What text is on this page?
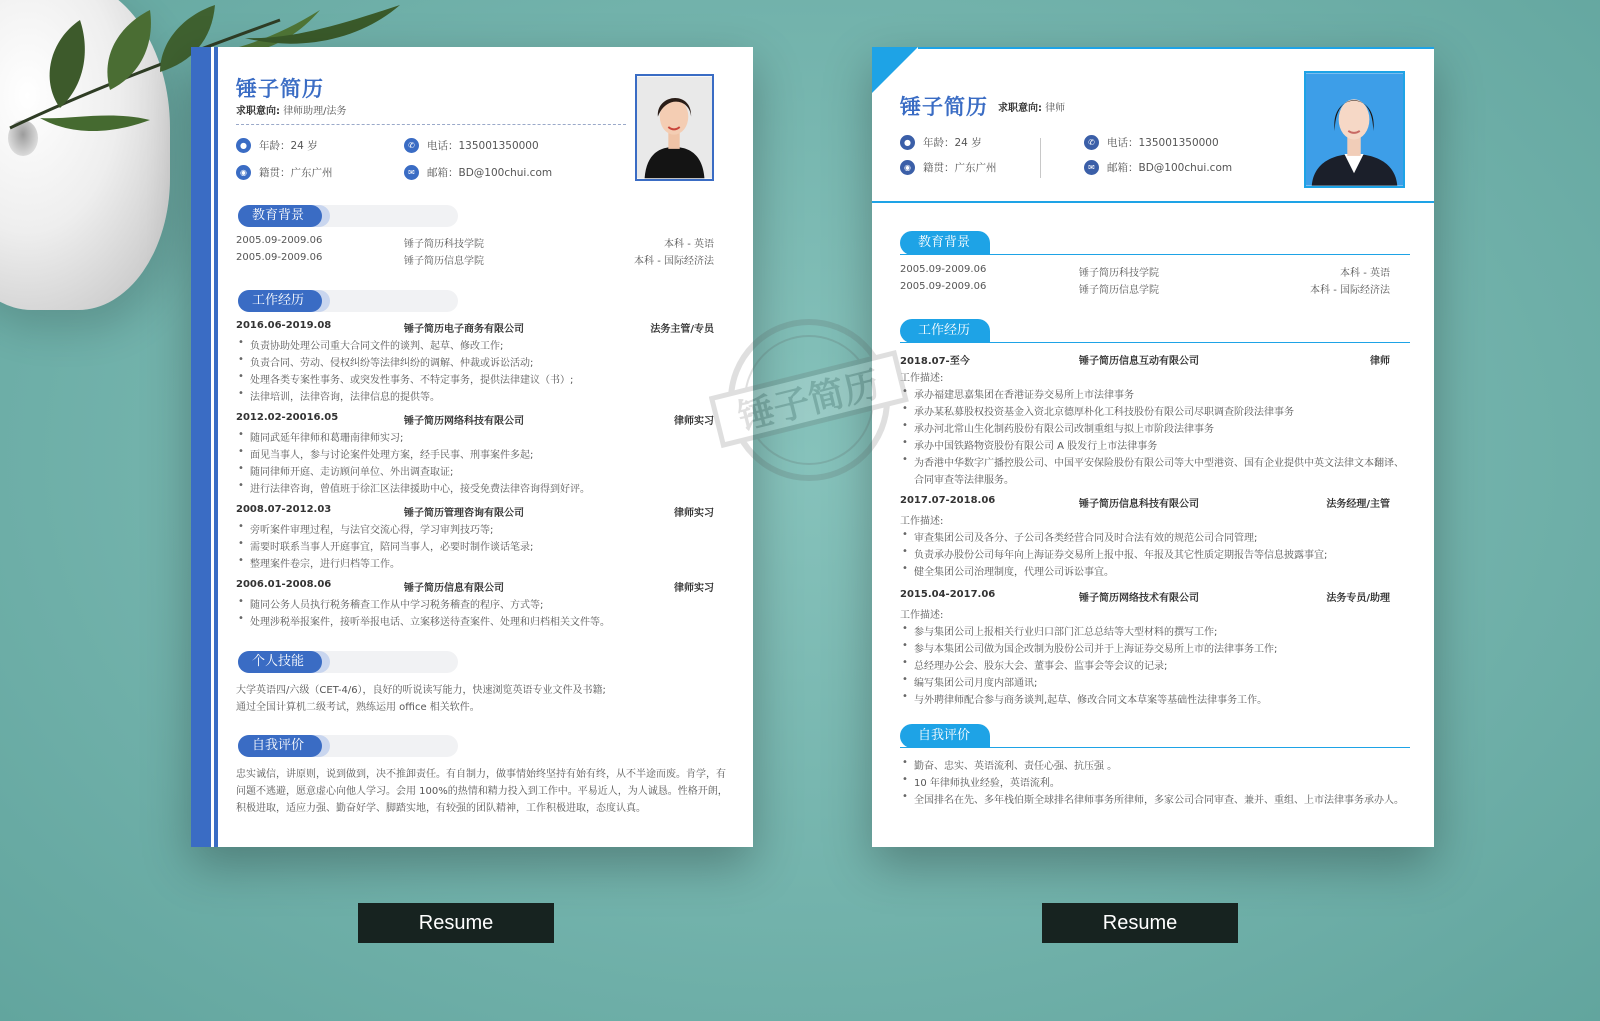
锤子简历
求职意向: 律师助理/法务
●	年龄：24 岁
◉	籍贯：广东广州
✆	电话：135001350000
✉	邮箱：BD@100chui.com
教育背景
2005.09-2009.06	锤子简历科技学院	本科 - 英语
2005.09-2009.06	锤子简历信息学院	本科 - 国际经济法
工作经历
2016.06-2019.08	锤子简历电子商务有限公司	法务主管/专员
• 负责协助处理公司重大合同文件的谈判、起草、修改工作;
• 负责合同、劳动、侵权纠纷等法律纠纷的调解、仲裁或诉讼活动;
• 处理各类专案性事务、或突发性事务、不特定事务，提供法律建议（书）;
• 法律培训，法律咨询，法律信息的提供等。
2012.02-20016.05	锤子简历网络科技有限公司	律师实习
• 随同武延年律师和葛珊南律师实习;
• 面见当事人，参与讨论案件处理方案，经手民事、刑事案件多起;
• 随同律师开庭、走访顾问单位、外出调查取证;
• 进行法律咨询，曾值班于徐汇区法律援助中心，接受免费法律咨询得到好评。
2008.07-2012.03	锤子简历管理咨询有限公司	律师实习
• 旁听案件审理过程，与法官交流心得，学习审判技巧等;
• 需要时联系当事人开庭事宜，陪同当事人，必要时制作谈话笔录;
• 整理案件卷宗，进行归档等工作。
2006.01-2008.06	锤子简历信息有限公司	律师实习
• 随同公务人员执行税务稽查工作从中学习税务稽查的程序、方式等;
• 处理涉税举报案件，接听举报电话、立案移送待查案件、处理和归档相关文件等。
个人技能
大学英语四/六级（CET-4/6），良好的听说读写能力，快速浏览英语专业文件及书籍;
通过全国计算机二级考试，熟练运用 office 相关软件。
自我评价
忠实诚信，讲原则，说到做到，决不推卸责任。有自制力，做事情始终坚持有始有终，从不半途而废。肯学，有
问题不逃避，愿意虚心向他人学习。会用 100%的热情和精力投入到工作中。平易近人，为人诚恳。性格开朗，
积极进取，适应力强、勤奋好学、脚踏实地，有较强的团队精神，工作积极进取，态度认真。
锤子简历 求职意向: 律师
●	年龄：24 岁
◉	籍贯：广东广州
✆	电话：135001350000
✉	邮箱：BD@100chui.com
教育背景
2005.09-2009.06	锤子简历科技学院	本科 - 英语
2005.09-2009.06	锤子简历信息学院	本科 - 国际经济法
工作经历
2018.07-至今	锤子简历信息互动有限公司	律师
工作描述:
• 承办福建思嘉集团在香港证券交易所上市法律事务
• 承办某私募股权投资基金入资北京德厚朴化工科技股份有限公司尽职调查阶段法律事务
• 承办河北常山生化制药股份有限公司改制重组与拟上市阶段法律事务
• 承办中国铁路物资股份有限公司 A 股发行上市法律事务
• 为香港中华数字广播控股公司、中国平安保险股份有限公司等大中型港资、国有企业提供中英文法律文本翻译、
合同审查等法律服务。
2017.07-2018.06	锤子简历信息科技有限公司	法务经理/主管
工作描述:
• 审查集团公司及各分、子公司各类经营合同及时合法有效的规范公司合同管理;
• 负责承办股份公司每年向上海证券交易所上报中报、年报及其它性质定期报告等信息披露事宜;
• 健全集团公司治理制度，代理公司诉讼事宜。
2015.04-2017.06	锤子简历网络技术有限公司	法务专员/助理
工作描述:
• 参与集团公司上报相关行业归口部门汇总总结等大型材料的撰写工作;
• 参与本集团公司做为国企改制为股份公司并于上海证券交易所上市的法律事务工作;
• 总经理办公会、股东大会、董事会、监事会等会议的记录;
• 编写集团公司月度内部通讯;
• 与外聘律师配合参与商务谈判,起草、修改合同文本草案等基础性法律事务工作。
自我评价
• 勤奋、忠实、英语流利、责任心强、抗压强 。
• 10 年律师执业经验，英语流利。
• 全国排名在先、多年栈伯斯全球排名律师事务所律师，多家公司合同审查、兼并、重组、上市法律事务承办人。
锤子简历
Resume	Resume
